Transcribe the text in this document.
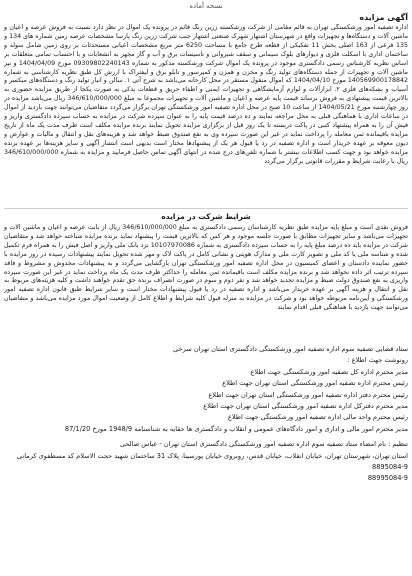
نسخه آماده
آگهی مزایده

اداره تصفیه امور ورشکستگی تهران به قائم مقامی از شرکت ورشکسته زرین رنگ قائم در پرونده یک اموال در نظر دارد نسبت به فروش عرصه و اعیان و ماشین آلات و دستگاه‌ها و تجهیزات واقع در شهرستان اشتهار شهرک صنعتی اشتهار جنب شرکت زرین رنگ پارسا مشخصات عرصه زمین شماره های 134 و 135 فرعی از 163 اصلی بخش 11 تفکیکی از قطعه طرح جامع با مساحت 6250 متر مربع مشخصات اعیانی مستحدثات بر روی زمین شامل سوله و ساختمان اداری با اسکلت فلزی و دیوارهای بلوک سیمانی و سقف شیروانی و تاسیسات برق و آب و گاز مجهز به انشعابات و با احتساب تمامی متعلقات بر اساس نظریه کارشناس رسمی دادگستری موجود در پرونده یک اموال شرکت ورشکسته مذکور به شماره 09309802240143 مورخ 1404/04/09 و نیز ماشین آلات و تجهیزات از جمله دستگاه‌های تولید رنگ و مخزن و همزن و کمپرسور و تابلو برق و لیفتراک با ارزش کل طبق نظریه کارشناسی به شماره 140569900178842 مورخ 1404/04/10 که اموال منقول مستقر در محل کارخانه می‌باشد به شرح آتی ۱. سالن و انبار تولید رنگ و دستگاه‌های میکسر و آسیاب و بشکه‌های فلزی ۲. ابزارآلات و لوازم آزمایشگاهی و تجهیزات ایمنی و اطفاء حریق و قطعات یدکی به صورت یکجا از طریق مزایده حضوری به بالاترین قیمت پیشنهادی به فروش برساند قیمت پایه عرصه و اعیان و ماشین آلات و تجهیزات مجموعا به مبلغ 346/610/000/000 ریال می‌باشد مزایده در روز چهارشنبه مورخ 1404/05/21 از ساعت 10 صبح در محل اداره تصفیه امور ورشکستگی تهران برگزار می‌گردد متقاضیان می‌توانند جهت بازدید از اموال در ساعات اداری با هماهنگی قبلی به محل مراجعه نمایند و ده درصد قیمت پایه را به عنوان سپرده شرکت در مزایده به حساب سپرده دادگستری واریز و فیش آن را به همراه پیشنهاد کتبی در پاکت دربسته تا یک روز قبل از برگزاری مزایده تحویل نمایند برنده مزایده مکلف است ظرف مدت یک ماه از تاریخ مزایده باقیمانده ثمن معامله را پرداخت نماید در غیر این صورت سپرده وی به نفع صندوق ضبط خواهد شد و هزینه‌های نقل و انتقال و مالیات و عوارض و دیون معوقه بر عهده خریدار است و اداره تصفیه در رد یا قبول هر یک از پیشنهادها مختار است بدیهی است انتشار آگهی و سایر هزینه‌ها بر عهده برنده مزایده خواهد بود و جهت کسب اطلاعات بیشتر با شماره تلفن‌های درج شده در انتهای آگهی تماس حاصل فرمایید و مزایده به شماره 346/610/000/000 ریال با رعایت شرایط و مقررات قانونی برگزار می‌گردد

شرایط شرکت در مزایده

فروش نقدی است و مبلغ پایه مزایده طبق نظریه کارشناسان رسمی دادگستری به مبلغ 346/610/000/000 ریال از بابت عرصه و اعیان و ماشین آلات و تجهیزات می‌باشد و سایر تجهیزات مطابق با صورت جلسه موجود و هر کس که بالاترین قیمت را پیشنهاد نماید برنده مزایده شناخته خواهد شد و متقاضیان شرکت در مزایده باید ده درصد مبلغ پایه را به حساب سپرده دادگستری به شماره 10107970086 نزد بانک ملی واریز و اصل فیش را به همراه فرم تکمیل شده و شناسه ملی یا کد ملی و تصویر کارت ملی و مدارک هویتی و نشانی کامل در پاکت لاک و مهر شده تحویل نمایند پیشنهادات رسیده در روز مزایده با حضور نماینده دادستان و اعضای کمیسیون در محل اداره تصفیه امور ورشکستگی تهران بازگشایی می‌گردد و به پیشنهادات مخدوش و مشروط و فاقد سپرده ترتیب اثر داده نخواهد شد و برنده مزایده مکلف است باقیمانده ثمن معامله را حداکثر ظرف مدت یک ماه پرداخت نماید در غیر این صورت سپرده واریزی به نفع صندوق دولت ضبط و مزایده تجدید خواهد شد و نفر دوم و سوم در صورت انصراف برنده حق تقدم خواهند داشت و کلیه هزینه‌های مربوط به نقل و انتقال و هزینه آگهی بر عهده خریدار می‌باشد و اداره تصفیه در رد یا قبول پیشنهادات مختار است و سایر شرایط طبق قانون اداره تصفیه امور ورشکستگی و آیین‌نامه مربوطه خواهد بود و شرکت در مزایده به منزله قبول کلیه شرایط و اطلاع کامل از وضعیت اموال مورد مزایده می‌باشد و متقاضیان می‌توانند جهت بازدید با هماهنگی قبلی اقدام نمایند

ستاد قضایی تصفیه سوم اداره تصفیه امور ورشکستگی دادگستری استان تهران سرخی

رونوشت جهت اطلاع :

مدیر محترم اداره کل تصفیه امور ورشکستگی جهت اطلاع

رئیس محترم اداره تصفیه امور ورشکستگی استان تهران جهت اطلاع

رئیس محترم دفتر اداره تصفیه امور ورشکستگی استان تهران جهت اطلاع

مدیر محترم دفترکل اداره تصفیه امور ورشکستگی استان تهران جهت اطلاع

رئیس محترم واحد مالی اداره تصفیه امور ورشکستگی جهت اطلاع

مدیر محترم امور مالی و اداری و امور دادگاه‌های عمومی و انقلاب و دادگستری ها حقایه به شناسنامه 1948/9 مورخ 87/1/20

تنظیم : نام امضاء ستاد تصفیه سوم اداره تصفیه امور ورشکستگی دادگستری استان تهران - عباس صالحی

استان تهران، شهرستان تهران، خیابان انقلاب، خیابان قدس، روبروی خیابان پورسینا، پلاک 31 ساختمان شهید حجت الاسلام کد مسطفوی کرمانی

8895084-9

88995084-9
